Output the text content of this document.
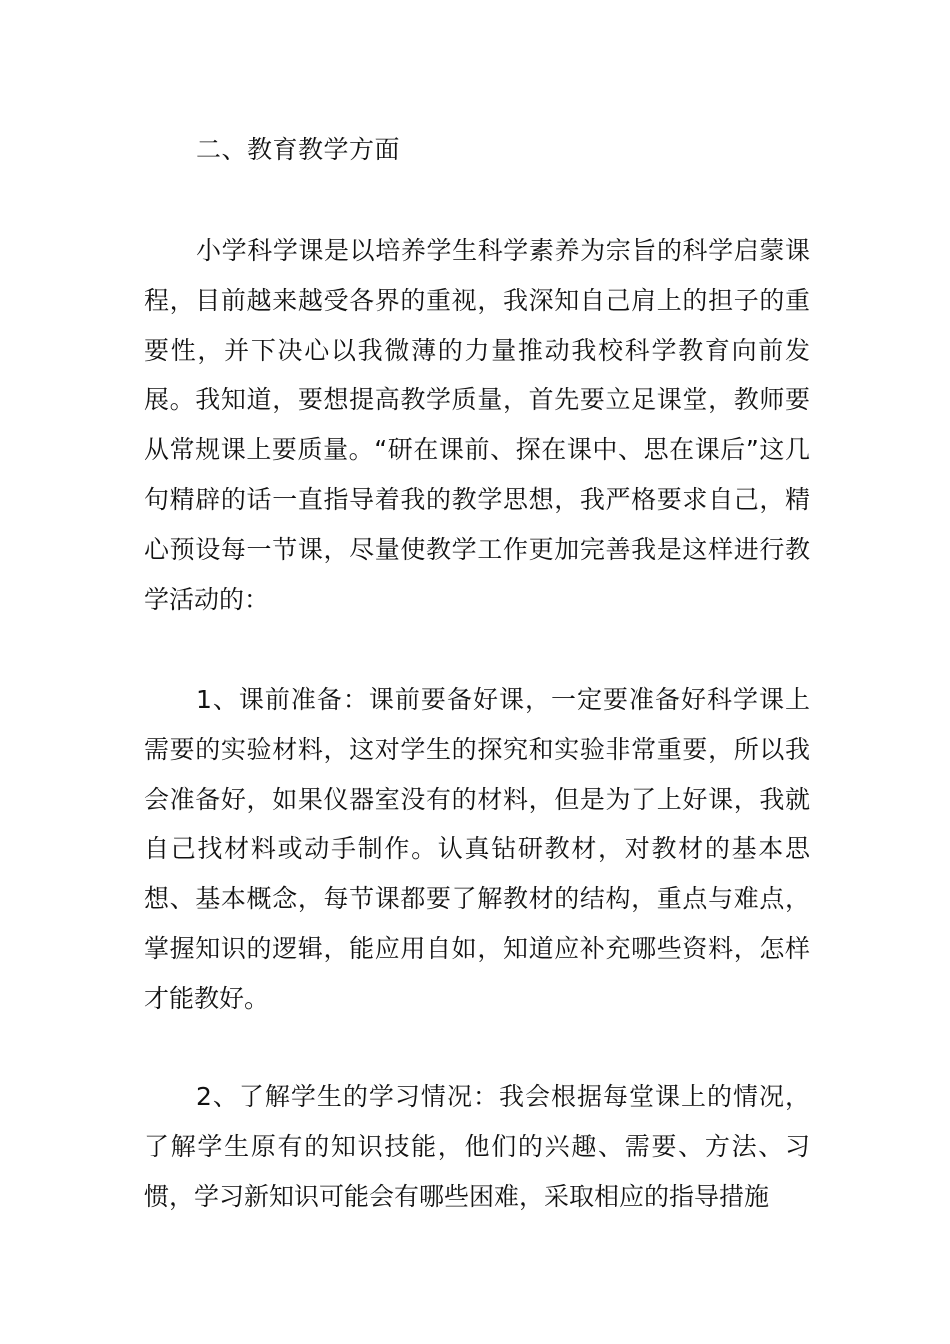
二、教育教学方面

小学科学课是以培养学生科学素养为宗旨的科学启蒙课程，目前越来越受各界的重视，我深知自己肩上的担子的重要性，并下决心以我微薄的力量推动我校科学教育向前发展。我知道，要想提高教学质量，首先要立足课堂，教师要从常规课上要质量。“研在课前、探在课中、思在课后”这几句精辟的话一直指导着我的教学思想，我严格要求自己，精心预设每一节课，尽量使教学工作更加完善我是这样进行教学活动的：

1、课前准备：课前要备好课，一定要准备好科学课上需要的实验材料，这对学生的探究和实验非常重要，所以我会准备好，如果仪器室没有的材料，但是为了上好课，我就自己找材料或动手制作。认真钻研教材，对教材的基本思想、基本概念，每节课都要了解教材的结构，重点与难点，掌握知识的逻辑，能应用自如，知道应补充哪些资料，怎样才能教好。

2、了解学生的学习情况：我会根据每堂课上的情况，了解学生原有的知识技能，他们的兴趣、需要、方法、习惯，学习新知识可能会有哪些困难，采取相应的指导措施
